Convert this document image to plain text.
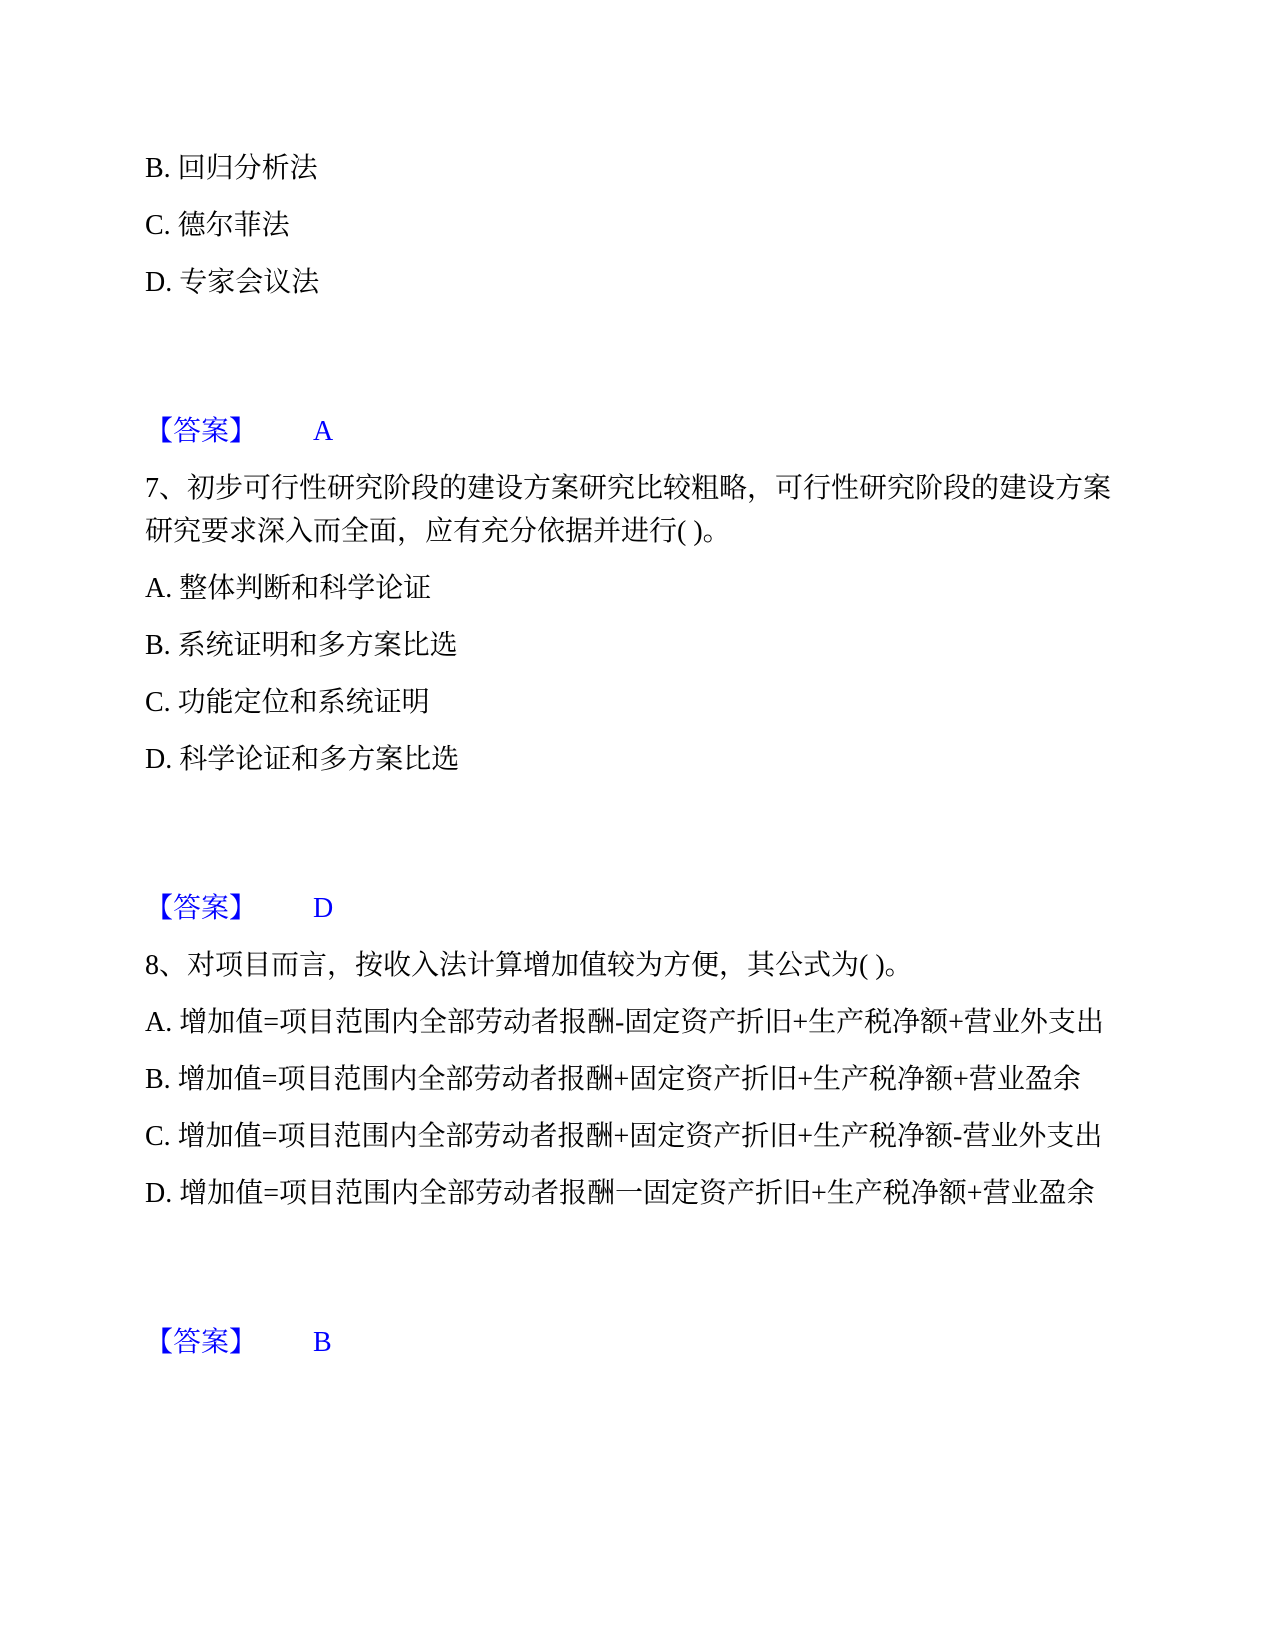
B. 回归分析法

C. 德尔菲法

D. 专家会议法

【答案】 A

7、初步可行性研究阶段的建设方案研究比较粗略，可行性研究阶段的建设方案研究要求深入而全面，应有充分依据并进行( )。

A. 整体判断和科学论证

B. 系统证明和多方案比选

C. 功能定位和系统证明

D. 科学论证和多方案比选

【答案】 D

8、对项目而言，按收入法计算增加值较为方便，其公式为( )。

A. 增加值=项目范围内全部劳动者报酬-固定资产折旧+生产税净额+营业外支出

B. 增加值=项目范围内全部劳动者报酬+固定资产折旧+生产税净额+营业盈余

C. 增加值=项目范围内全部劳动者报酬+固定资产折旧+生产税净额-营业外支出

D. 增加值=项目范围内全部劳动者报酬一固定资产折旧+生产税净额+营业盈余

【答案】 B
